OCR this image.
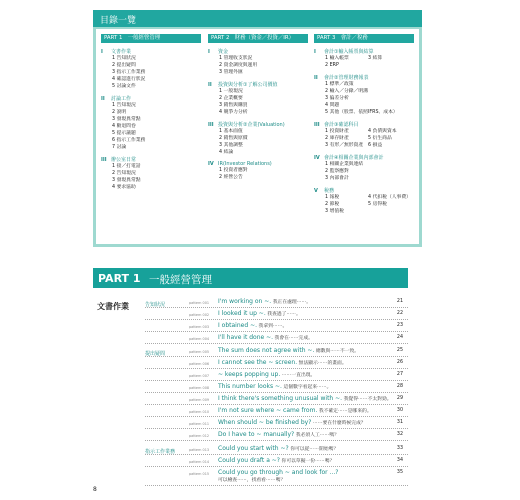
目錄一覽
PART 1　一般經營管理
I 文書作業
1 告知狀況
2 提出疑問
3 指示工作業務
4 確認進行狀況
5 討論文件
II 討論工作
1 告知現況
2 說明
3 發現異常點
4 勸退問卷
5 提示議題
6 指示工作業務
7 討論
III 辦公室日常
1 接／打電話
2 告知現況
3 發現異常點
4 要求協助
PART 2　財務（資金／投資／IR）
I 資金
1 管理收支狀況
2 資金調度與運用
3 管理外匯
II 投資與分析①了解公司價值
1 一般現況
2 企業概要
3 銷售與購買
4 競爭力分析
III 投資與分析②企業(Valuation)
1 基本面值
2 銷售與原價
3 其他調整
4 結論
IV IR(Investor Relations)
1 投資者應對
2 經營公告
PART 3　會計／稅務
I 會計①輸入帳票與結算
1 輸入帳票	3 結算
2 ERP
II 會計②管理財務報表
1 標準／政策
2 輸入／分錄／明溝
3 偏差分析
4 問題
5 其他（股票、依照IFRS、成本）
III 會計③確認科目
1 投資財產	4 負債與資本
2 庫存財產	5 衍生商品
3 有形／無形資產	6 損益
IV 會計④相關企業與內部會計
1 相關企業與連結
2 監察應對
3 內部會計
V 稅務
1 報稅	4 代扣稅（人事費）
2 節稅	5 房得稅
3 增值稅
PART 1 一般經營管理
文書作業	告知狀況	pattern 001 I'm working on ~. 我正在處理⋯⋯。	21
pattern 002 I looked it up ~. 我查過了⋯⋯。	22
pattern 003 I obtained ~. 我拿到⋯⋯。	23
pattern 004 I'll have it done ~. 我會在⋯⋯完成。	24
提出疑問	pattern 005 The sum does not agree with ~. 總數與⋯⋯不一致。	25
pattern 006 I cannot see the ~ screen. 無法顯示⋯⋯的畫面。	26
pattern 007 ~ keeps popping up. ⋯⋯一直出現。	27
pattern 008 This number looks ~. 這個數字看起來⋯⋯。	28
pattern 009 I think there's something unusual with ~. 我覺得⋯⋯不太對勁。 29
pattern 010 I'm not sure where ~ came from. 我不確定⋯⋯是哪來的。	30
pattern 011 When should ~ be finished by? ⋯⋯要在什麼時候完成？	31
pattern 012 Do I have to ~ manually? 我必須人工⋯⋯嗎？	32
指示工作業務	pattern 013 Could you start with ~? 你可以從⋯⋯開始嗎？	33
pattern 014 Could you draft a ~? 你可以草擬一份⋯⋯嗎？	34
pattern 015 Could you go through ~ and look for ...?
可以檢查⋯⋯，找看看⋯⋯嗎？
35
8
